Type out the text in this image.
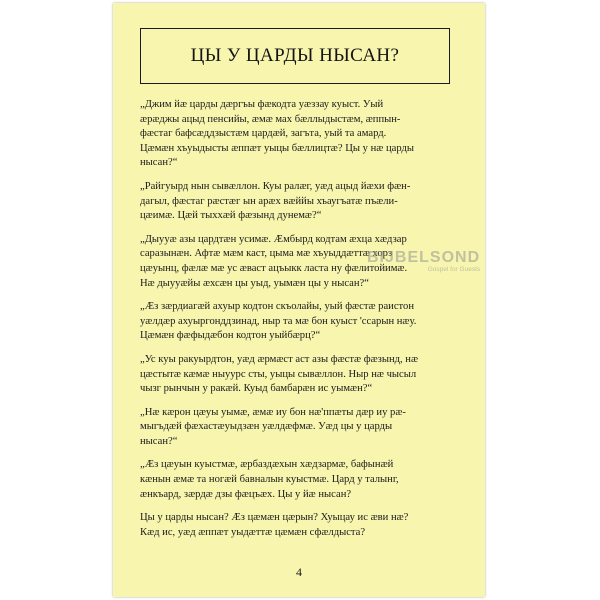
ЦЫ У ЦАРДЫ НЫСАН?

„Джим йæ царды дæргъы фæкодта уæззау куыст. Уый
æрæджы ацыд пенсийы, æмæ мах бæллыдыстæм, æппын-
фæстаг бафсæддзыстæм цардæй, загъта, уый та амард.
Цæмæн хъуыдысты æппæт уыцы бæллицтæ? Цы у нæ царды
нысан?“

„Райгуырд нын сывæллон. Куы ралæг, уæд ацыд йæхи фæн-
дагыл, фæстаг рæстæг ын арæх вæййы хъаугъатæ пъæли-
цæимæ. Цæй тыххæй фæзынд дунемæ?“

„Дыууæ азы цардтæн усимæ. Æмбырд кодтам æхца хæдзар
саразынæн. Афтæ мæм каст, цыма мæ хъуыддæттæ хорз
цæуынц, фæлæ мæ ус æваст ацъыкк ласта ну фæлитойимæ.
Нæ дыууæйы æхсæн цы уыд, уымæн цы у нысан?“

„Æз зæрдиагæй ахуыр кодтон скъолайы, уый фæстæ раистон
уæлдæр ахуыргонддзинад, ныр та мæ бон куыст 'ссарын нæу.
Цæмæн фæфыдæбон кодтон уыйбæрц?“

„Ус куы ракуырдтон, уæд æрмæст аст азы фæстæ фæзынд, нæ
цæстытæ кæмæ ныуурс сты, уыцы сывæллон. Ныр нæ чысыл
чызг рынчын у ракæй. Куыд бамбарæн ис уымæн?“

„Нæ кæрон цæуы уымæ, æмæ иу бон нæ'ппæты дæр иу рæ-
мыгъдæй фæхастæуыдзæн уæлдæфмæ. Уæд цы у царды
нысан?“

„Æз цæуын куыстмæ, æрбаздæхын хæдзармæ, бафынæй
кæнын æмæ та ногæй бавналын куыстмæ. Цард у талынг,
æнкъард, зæрдæ дзы фæцъæх. Цы у йæ нысан?

Цы у царды нысан? Æз цæмæн цæрын? Хуыцау ис æви нæ?
Кæд ис, уæд æппæт уыдæттæ цæмæн сфæлдыста?

BIJBELSOND
Gospel for Guests
4
